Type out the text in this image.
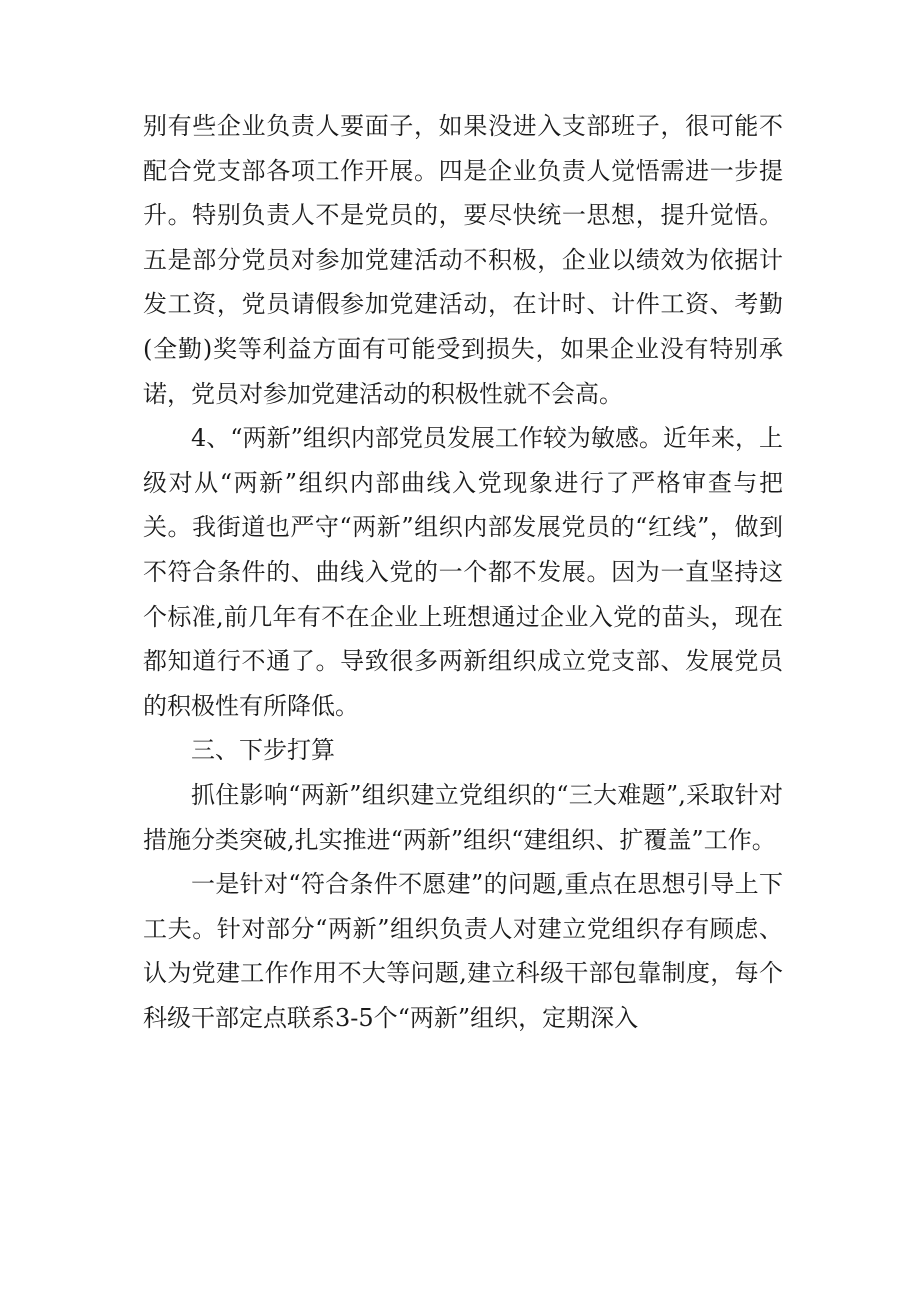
别有些企业负责人要面子，如果没进入支部班子，很可能不配合党支部各项工作开展。四是企业负责人觉悟需进一步提升。特别负责人不是党员的，要尽快统一思想，提升觉悟。五是部分党员对参加党建活动不积极，企业以绩效为依据计发工资，党员请假参加党建活动，在计时、计件工资、考勤(全勤)奖等利益方面有可能受到损失，如果企业没有特别承诺，党员对参加党建活动的积极性就不会高。

4、“两新”组织内部党员发展工作较为敏感。近年来，上级对从“两新”组织内部曲线入党现象进行了严格审查与把关。我街道也严守“两新”组织内部发展党员的“红线”，做到不符合条件的、曲线入党的一个都不发展。因为一直坚持这个标准,前几年有不在企业上班想通过企业入党的苗头，现在都知道行不通了。导致很多两新组织成立党支部、发展党员的积极性有所降低。

三、下步打算

抓住影响“两新”组织建立党组织的“三大难题”,采取针对措施分类突破,扎实推进“两新”组织“建组织、扩覆盖”工作。

一是针对“符合条件不愿建”的问题,重点在思想引导上下工夫。针对部分“两新”组织负责人对建立党组织存有顾虑、认为党建工作作用不大等问题,建立科级干部包靠制度，每个科级干部定点联系3-5个“两新”组织，定期深入
